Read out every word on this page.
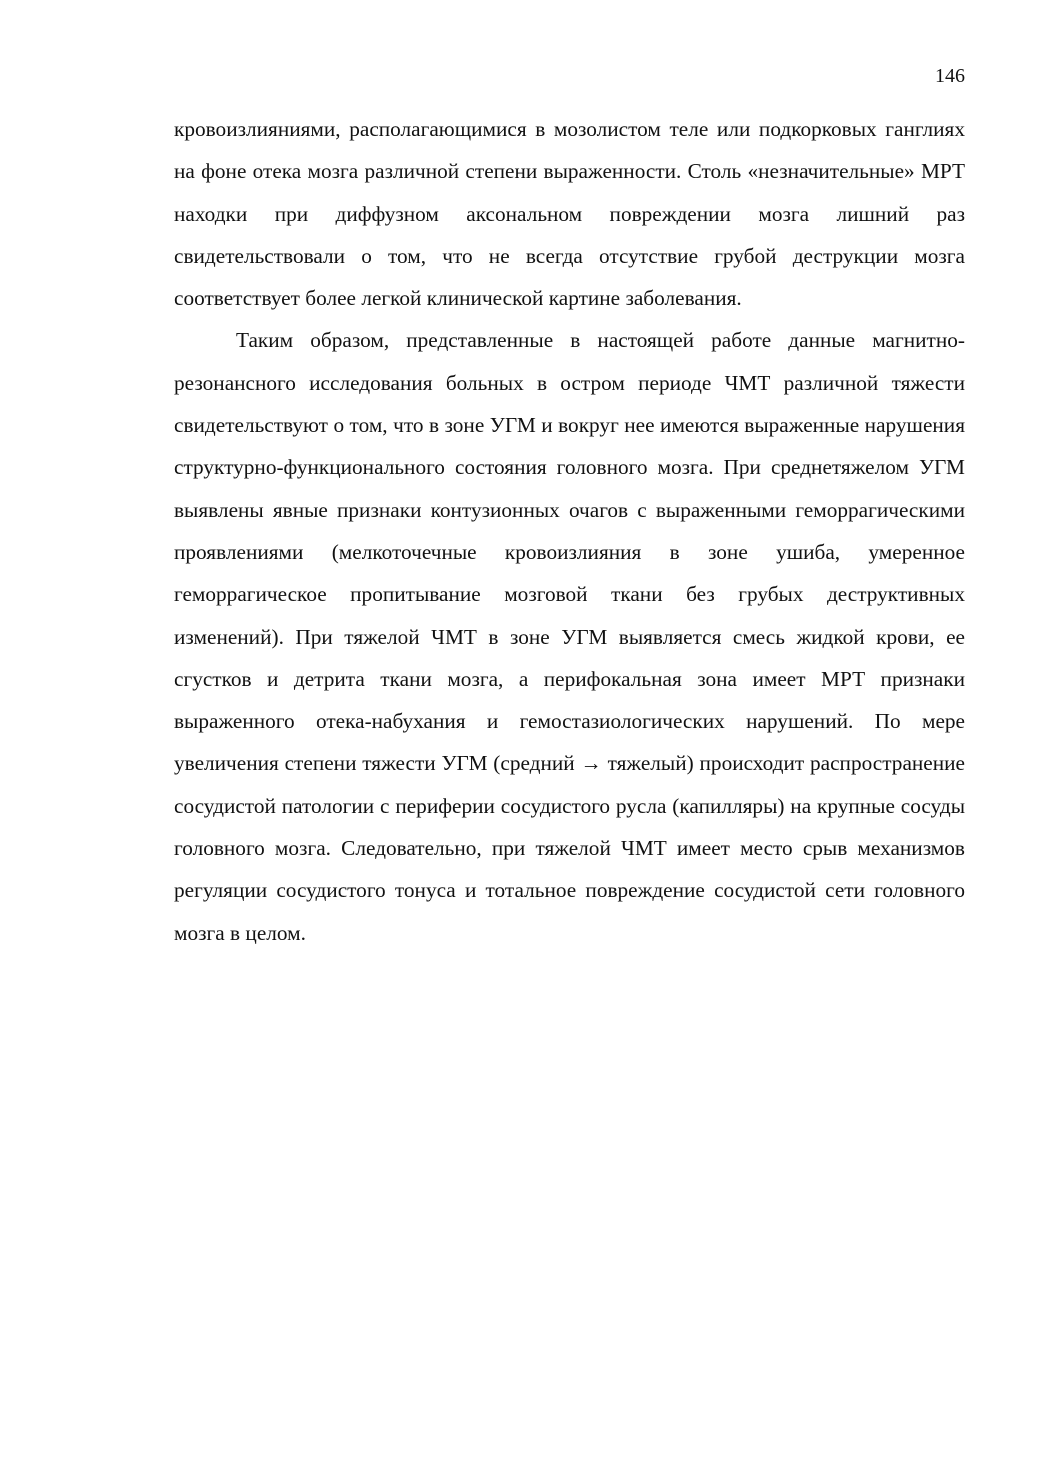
146

кровоизлияниями, располагающимися в мозолистом теле или подкорковых ганглиях на фоне отека мозга различной степени выраженности. Столь «незначительные» МРТ находки при диффузном аксональном повреждении мозга лишний раз свидетельствовали о том, что не всегда отсутствие грубой деструкции мозга соответствует более легкой клинической картине заболевания.

Таким образом, представленные в настоящей работе данные магнитно-резонансного исследования больных в остром периоде ЧМТ различной тяжести свидетельствуют о том, что в зоне УГМ и вокруг нее имеются выраженные нарушения структурно-функционального состояния головного мозга. При среднетяжелом УГМ выявлены явные признаки контузионных очагов с выраженными геморрагическими проявлениями (мелкоточечные кровоизлияния в зоне ушиба, умеренное геморрагическое пропитывание мозговой ткани без грубых деструктивных изменений). При тяжелой ЧМТ в зоне УГМ выявляется смесь жидкой крови, ее сгустков и детрита ткани мозга, а перифокальная зона имеет МРТ признаки выраженного отека-набухания и гемостазиологических нарушений. По мере увеличения степени тяжести УГМ (средний → тяжелый) происходит распространение сосудистой патологии с периферии сосудистого русла (капилляры) на крупные сосуды головного мозга. Следовательно, при тяжелой ЧМТ имеет место срыв механизмов регуляции сосудистого тонуса и тотальное повреждение сосудистой сети головного мозга в целом.
